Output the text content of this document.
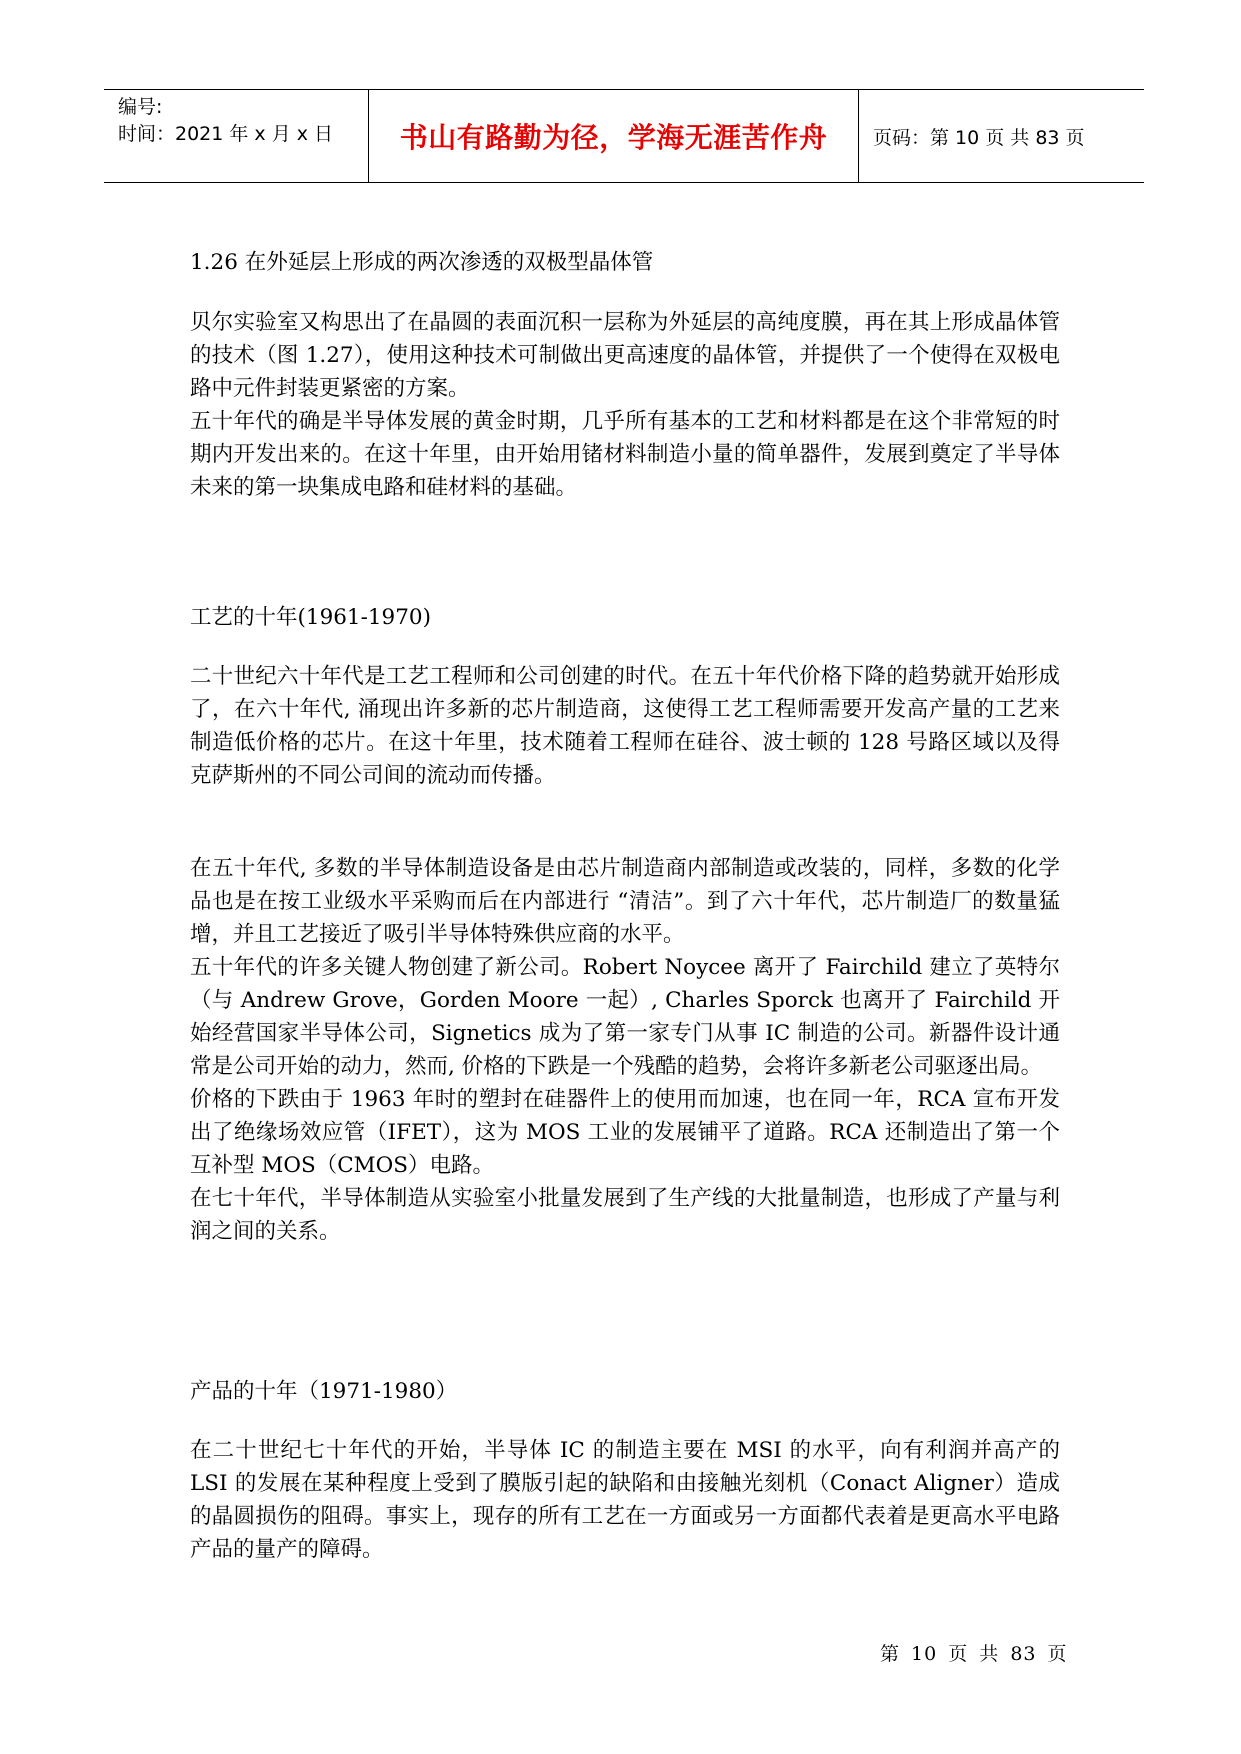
编号:
时间：2021 年 x 月 x 日	书山有路勤为径，学海无涯苦作舟	页码：第 10 页 共 83 页

1.26 在外延层上形成的两次渗透的双极型晶体管

贝尔实验室又构思出了在晶圆的表面沉积一层称为外延层的高纯度膜，再在其上形成晶体管的技术（图 1.27），使用这种技术可制做出更高速度的晶体管，并提供了一个使得在双极电路中元件封装更紧密的方案。

五十年代的确是半导体发展的黄金时期，几乎所有基本的工艺和材料都是在这个非常短的时期内开发出来的。在这十年里，由开始用锗材料制造小量的简单器件，发展到奠定了半导体未来的第一块集成电路和硅材料的基础。

工艺的十年(1961-1970)

二十世纪六十年代是工艺工程师和公司创建的时代。在五十年代价格下降的趋势就开始形成了，在六十年代, 涌现出许多新的芯片制造商，这使得工艺工程师需要开发高产量的工艺来制造低价格的芯片。在这十年里，技术随着工程师在硅谷、波士顿的 128 号路区域以及得克萨斯州的不同公司间的流动而传播。

在五十年代, 多数的半导体制造设备是由芯片制造商内部制造或改装的，同样，多数的化学品也是在按工业级水平采购而后在内部进行 “清洁”。到了六十年代，芯片制造厂的数量猛增，并且工艺接近了吸引半导体特殊供应商的水平。

五十年代的许多关键人物创建了新公司。Robert Noycee 离开了 Fairchild 建立了英特尔（与 Andrew Grove，Gorden Moore 一起）, Charles Sporck 也离开了 Fairchild 开始经营国家半导体公司，Signetics 成为了第一家专门从事 IC 制造的公司。新器件设计通常是公司开始的动力，然而, 价格的下跌是一个残酷的趋势，会将许多新老公司驱逐出局。

价格的下跌由于 1963 年时的塑封在硅器件上的使用而加速，也在同一年，RCA 宣布开发出了绝缘场效应管（IFET），这为 MOS 工业的发展铺平了道路。RCA 还制造出了第一个互补型 MOS（CMOS）电路。

在七十年代，半导体制造从实验室小批量发展到了生产线的大批量制造，也形成了产量与利润之间的关系。

产品的十年（1971-1980）

在二十世纪七十年代的开始，半导体 IC 的制造主要在 MSI 的水平，向有利润并高产的 LSI 的发展在某种程度上受到了膜版引起的缺陷和由接触光刻机（Conact Aligner）造成的晶圆损伤的阻碍。事实上，现存的所有工艺在一方面或另一方面都代表着是更高水平电路产品的量产的障碍。

第 10 页 共 83 页
